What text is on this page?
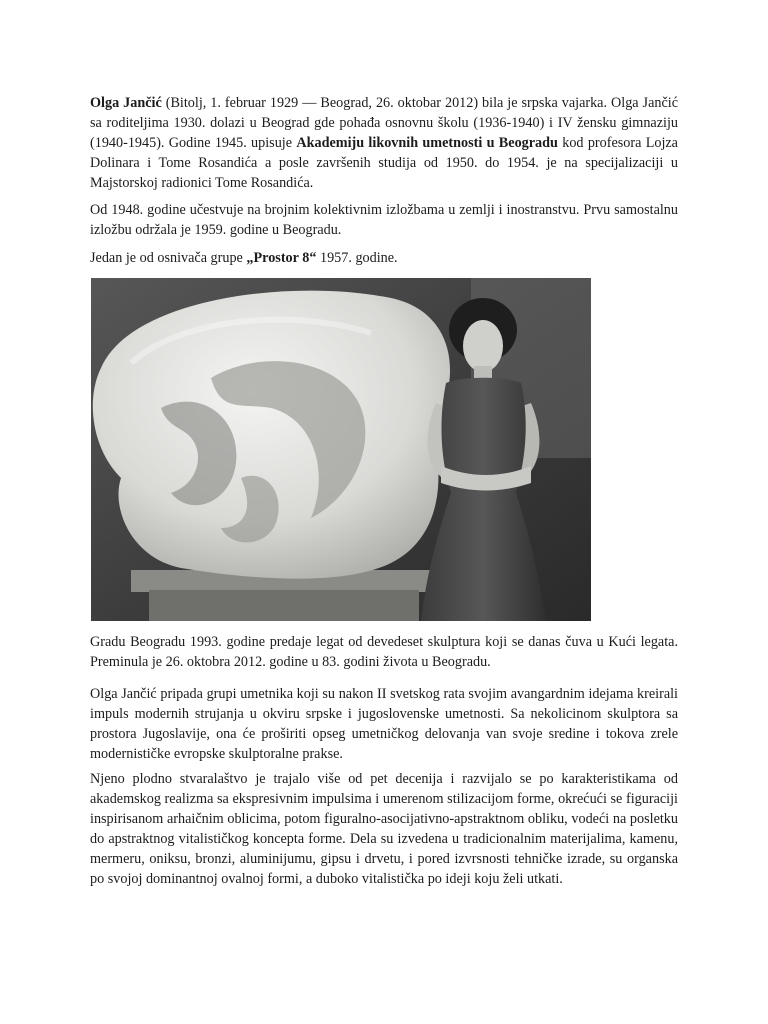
Olga Jančić (Bitolj, 1. februar 1929 — Beograd, 26. oktobar 2012) bila je srpska vajarka. Olga Jančić sa roditeljima 1930. dolazi u Beograd gde pohađa osnovnu školu (1936-1940) i IV žensku gimnaziju (1940-1945). Godine 1945. upisuje Akademiju likovnih umetnosti u Beogradu kod profesora Lojza Dolinara i Tome Rosandića a posle završenih studija od 1950. do 1954. je na specijalizaciji u Majstorskoj radionici Tome Rosandića.

Od 1948. godine učestvuje na brojnim kolektivnim izložbama u zemlji i inostranstvu. Prvu samostalnu izložbu održala je 1959. godine u Beogradu.

Jedan je od osnivača grupe „Prostor 8“ 1957. godine.

Gradu Beogradu 1993. godine predaje legat od devedeset skulptura koji se danas čuva u Kući legata. Preminula je 26. oktobra 2012. godine u 83. godini života u Beogradu.

Olga Jančić pripada grupi umetnika koji su nakon II svetskog rata svojim avangardnim idejama kreirali impuls modernih strujanja u okviru srpske i jugoslovenske umetnosti. Sa nekolicinom skulptora sa prostora Jugoslavije, ona će proširiti opseg umetničkog delovanja van svoje sredine i tokova zrele modernističke evropske skulptoralne prakse.

Njeno plodno stvaralaštvo je trajalo više od pet decenija i razvijalo se po karakteristikama od akademskog realizma sa ekspresivnim impulsima i umerenom stilizacijom forme, okrećući se figuraciji inspirisanom arhaičnim oblicima, potom figuralno-asocijativno-apstraktnom obliku, vodeći na posletku do apstraktnog vitalističkog koncepta forme. Dela su izvedena u tradicionalnim materijalima, kamenu, mermeru, oniksu, bronzi, aluminijumu, gipsu i drvetu, i pored izvrsnosti tehničke izrade, su organska po svojoj dominantnoj ovalnoj formi, a duboko vitalistička po ideji koju želi utkati.
